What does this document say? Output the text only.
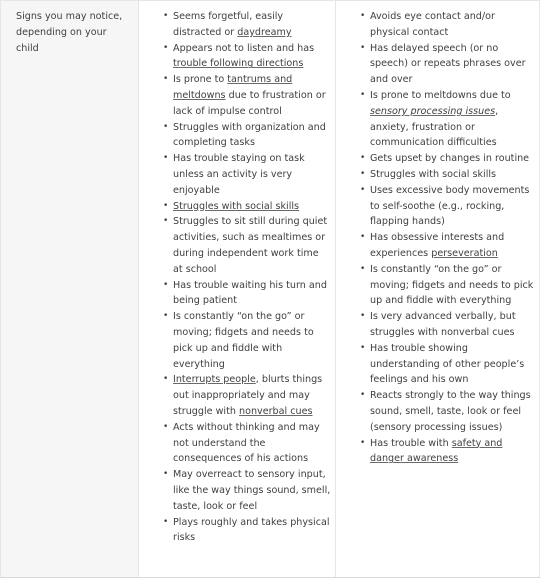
Signs you may notice, depending on your child

• Seems forgetful, easily distracted or daydreamy
• Appears not to listen and has trouble following directions
• Is prone to tantrums and meltdowns due to frustration or lack of impulse control
• Struggles with organization and completing tasks
• Has trouble staying on task unless an activity is very enjoyable
• Struggles with social skills
• Struggles to sit still during quiet activities, such as mealtimes or during independent work time at school
• Has trouble waiting his turn and being patient
• Is constantly “on the go” or moving; fidgets and needs to pick up and fiddle with everything
• Interrupts people, blurts things out inappropriately and may struggle with nonverbal cues
• Acts without thinking and may not understand the consequences of his actions
• May overreact to sensory input, like the way things sound, smell, taste, look or feel
• Plays roughly and takes physical risks
• Avoids eye contact and/or physical contact
• Has delayed speech (or no speech) or repeats phrases over and over
• Is prone to meltdowns due to sensory processing issues, anxiety, frustration or communication difficulties
• Gets upset by changes in routine
• Struggles with social skills
• Uses excessive body movements to self-soothe (e.g., rocking, flapping hands)
• Has obsessive interests and experiences perseveration
• Is constantly “on the go” or moving; fidgets and needs to pick up and fiddle with everything
• Is very advanced verbally, but struggles with nonverbal cues
• Has trouble showing understanding of other people’s feelings and his own
• Reacts strongly to the way things sound, smell, taste, look or feel (sensory processing issues)
• Has trouble with safety and danger awareness
